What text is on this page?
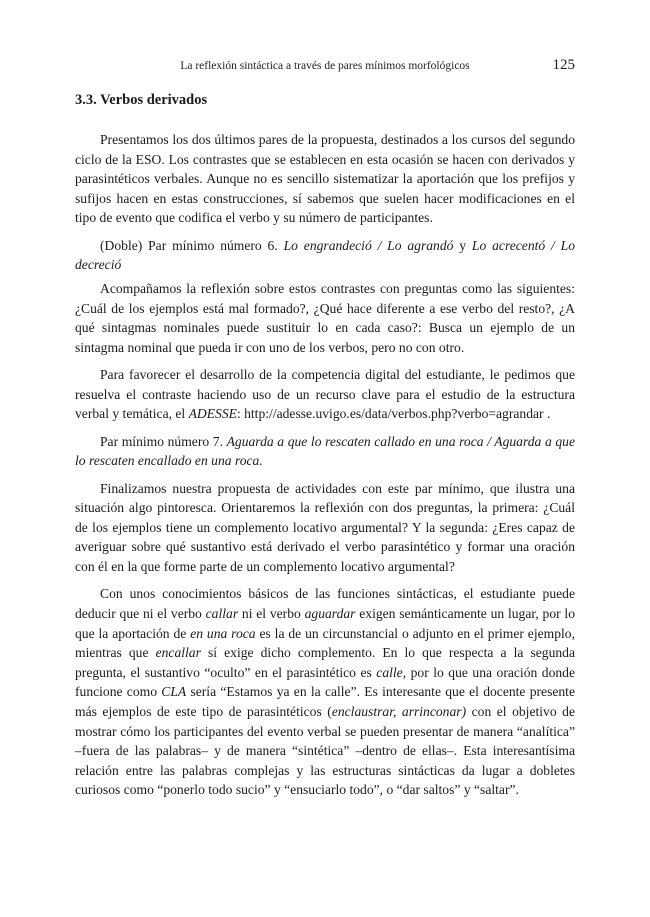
La reflexión sintáctica a través de pares mínimos morfológicos	125
3.3. Verbos derivados

Presentamos los dos últimos pares de la propuesta, destinados a los cursos del segundo ciclo de la ESO. Los contrastes que se establecen en esta ocasión se hacen con derivados y parasintéticos verbales. Aunque no es sencillo sistematizar la aportación que los prefijos y sufijos hacen en estas construcciones, sí sabemos que suelen hacer modificaciones en el tipo de evento que codifica el verbo y su número de participantes.

(Doble) Par mínimo número 6. Lo engrandeció / Lo agrandó y Lo acrecentó / Lo decreció

Acompañamos la reflexión sobre estos contrastes con preguntas como las siguientes: ¿Cuál de los ejemplos está mal formado?, ¿Qué hace diferente a ese verbo del resto?, ¿A qué sintagmas nominales puede sustituir lo en cada caso?: Busca un ejemplo de un sintagma nominal que pueda ir con uno de los verbos, pero no con otro.

Para favorecer el desarrollo de la competencia digital del estudiante, le pedimos que resuelva el contraste haciendo uso de un recurso clave para el estudio de la estructura verbal y temática, el ADESSE: http://adesse.uvigo.es/data/verbos.php?verbo=agrandar .

Par mínimo número 7. Aguarda a que lo rescaten callado en una roca / Aguarda a que lo rescaten encallado en una roca.

Finalizamos nuestra propuesta de actividades con este par mínimo, que ilustra una situación algo pintoresca. Orientaremos la reflexión con dos preguntas, la primera: ¿Cuál de los ejemplos tiene un complemento locativo argumental? Y la segunda: ¿Eres capaz de averiguar sobre qué sustantivo está derivado el verbo parasintético y formar una oración con él en la que forme parte de un complemento locativo argumental?

Con unos conocimientos básicos de las funciones sintácticas, el estudiante puede deducir que ni el verbo callar ni el verbo aguardar exigen semánticamente un lugar, por lo que la aportación de en una roca es la de un circunstancial o adjunto en el primer ejemplo, mientras que encallar sí exige dicho complemento. En lo que respecta a la segunda pregunta, el sustantivo “oculto” en el parasintético es calle, por lo que una oración donde funcione como CLA sería “Estamos ya en la calle”. Es interesante que el docente presente más ejemplos de este tipo de parasintéticos (enclaustrar, arrinconar) con el objetivo de mostrar cómo los participantes del evento verbal se pueden presentar de manera “analítica” –fuera de las palabras– y de manera “sintética” –dentro de ellas–. Esta interesantísima relación entre las palabras complejas y las estructuras sintácticas da lugar a dobletes curiosos como “ponerlo todo sucio” y “ensuciarlo todo”, o “dar saltos” y “saltar”.
